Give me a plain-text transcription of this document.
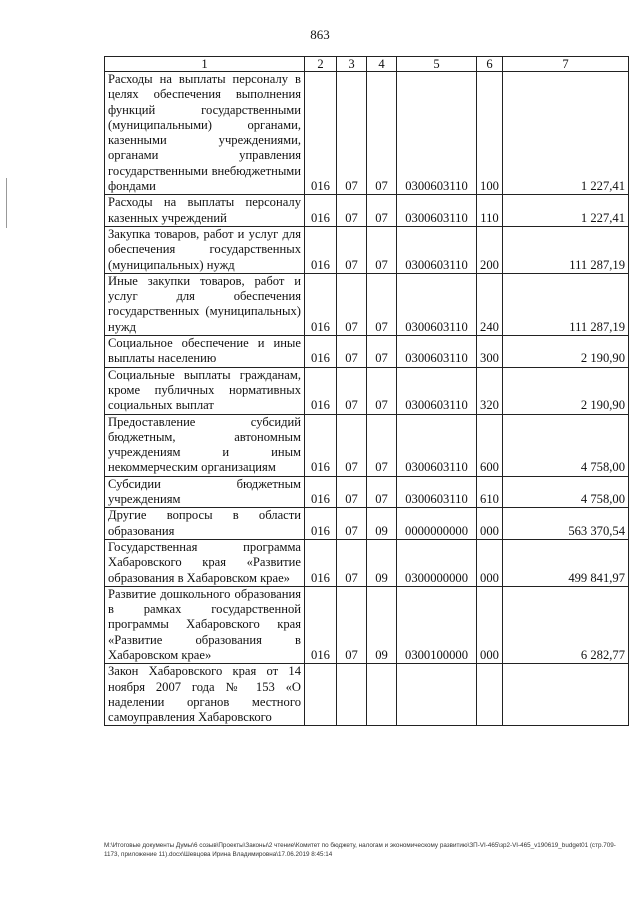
863
1	2	3	4	5	6	7
Расходы на выплаты персоналу в целях обеспечения выполнения функций государственными (муниципальными) органами, казенными учреждениями, органами управления государственными внебюджетными фондами	016	07	07	0300603110	100	1 227,41
Расходы на выплаты персоналу казенных учреждений	016	07	07	0300603110	110	1 227,41
Закупка товаров, работ и услуг для обеспечения государственных (муниципальных) нужд	016	07	07	0300603110	200	111 287,19
Иные закупки товаров, работ и услуг для обеспечения государственных (муниципальных) нужд	016	07	07	0300603110	240	111 287,19
Социальное обеспечение и иные выплаты населению	016	07	07	0300603110	300	2 190,90
Социальные выплаты гражданам, кроме публичных нормативных социальных выплат	016	07	07	0300603110	320	2 190,90
Предоставление субсидий бюджетным, автономным учреждениям и иным некоммерческим организациям	016	07	07	0300603110	600	4 758,00
Субсидии бюджетным учреждениям	016	07	07	0300603110	610	4 758,00
Другие вопросы в области образования	016	07	09	0000000000	000	563 370,54
Государственная программа Хабаровского края «Развитие образования в Хабаровском крае»	016	07	09	0300000000	000	499 841,97
Развитие дошкольного образования в рамках государственной программы Хабаровского края «Развитие образования в Хабаровском крае»	016	07	09	0300100000	000	6 282,77
Закон Хабаровского края от 14 ноября 2007 года № 153 «О наделении органов местного самоуправления Хабаровского						
M:\Итоговые документы Думы\6 созыв\Проекты\Законы\2 чтение\Комитет по бюджету, налогам и экономическому развитию\ЗП-VI-465\зр2-VI-465_v190619_budget01 (стр.709-1173, приложение 11).docx\Шевцова Ирина Владимировна\17.06.2019 8:45:14
